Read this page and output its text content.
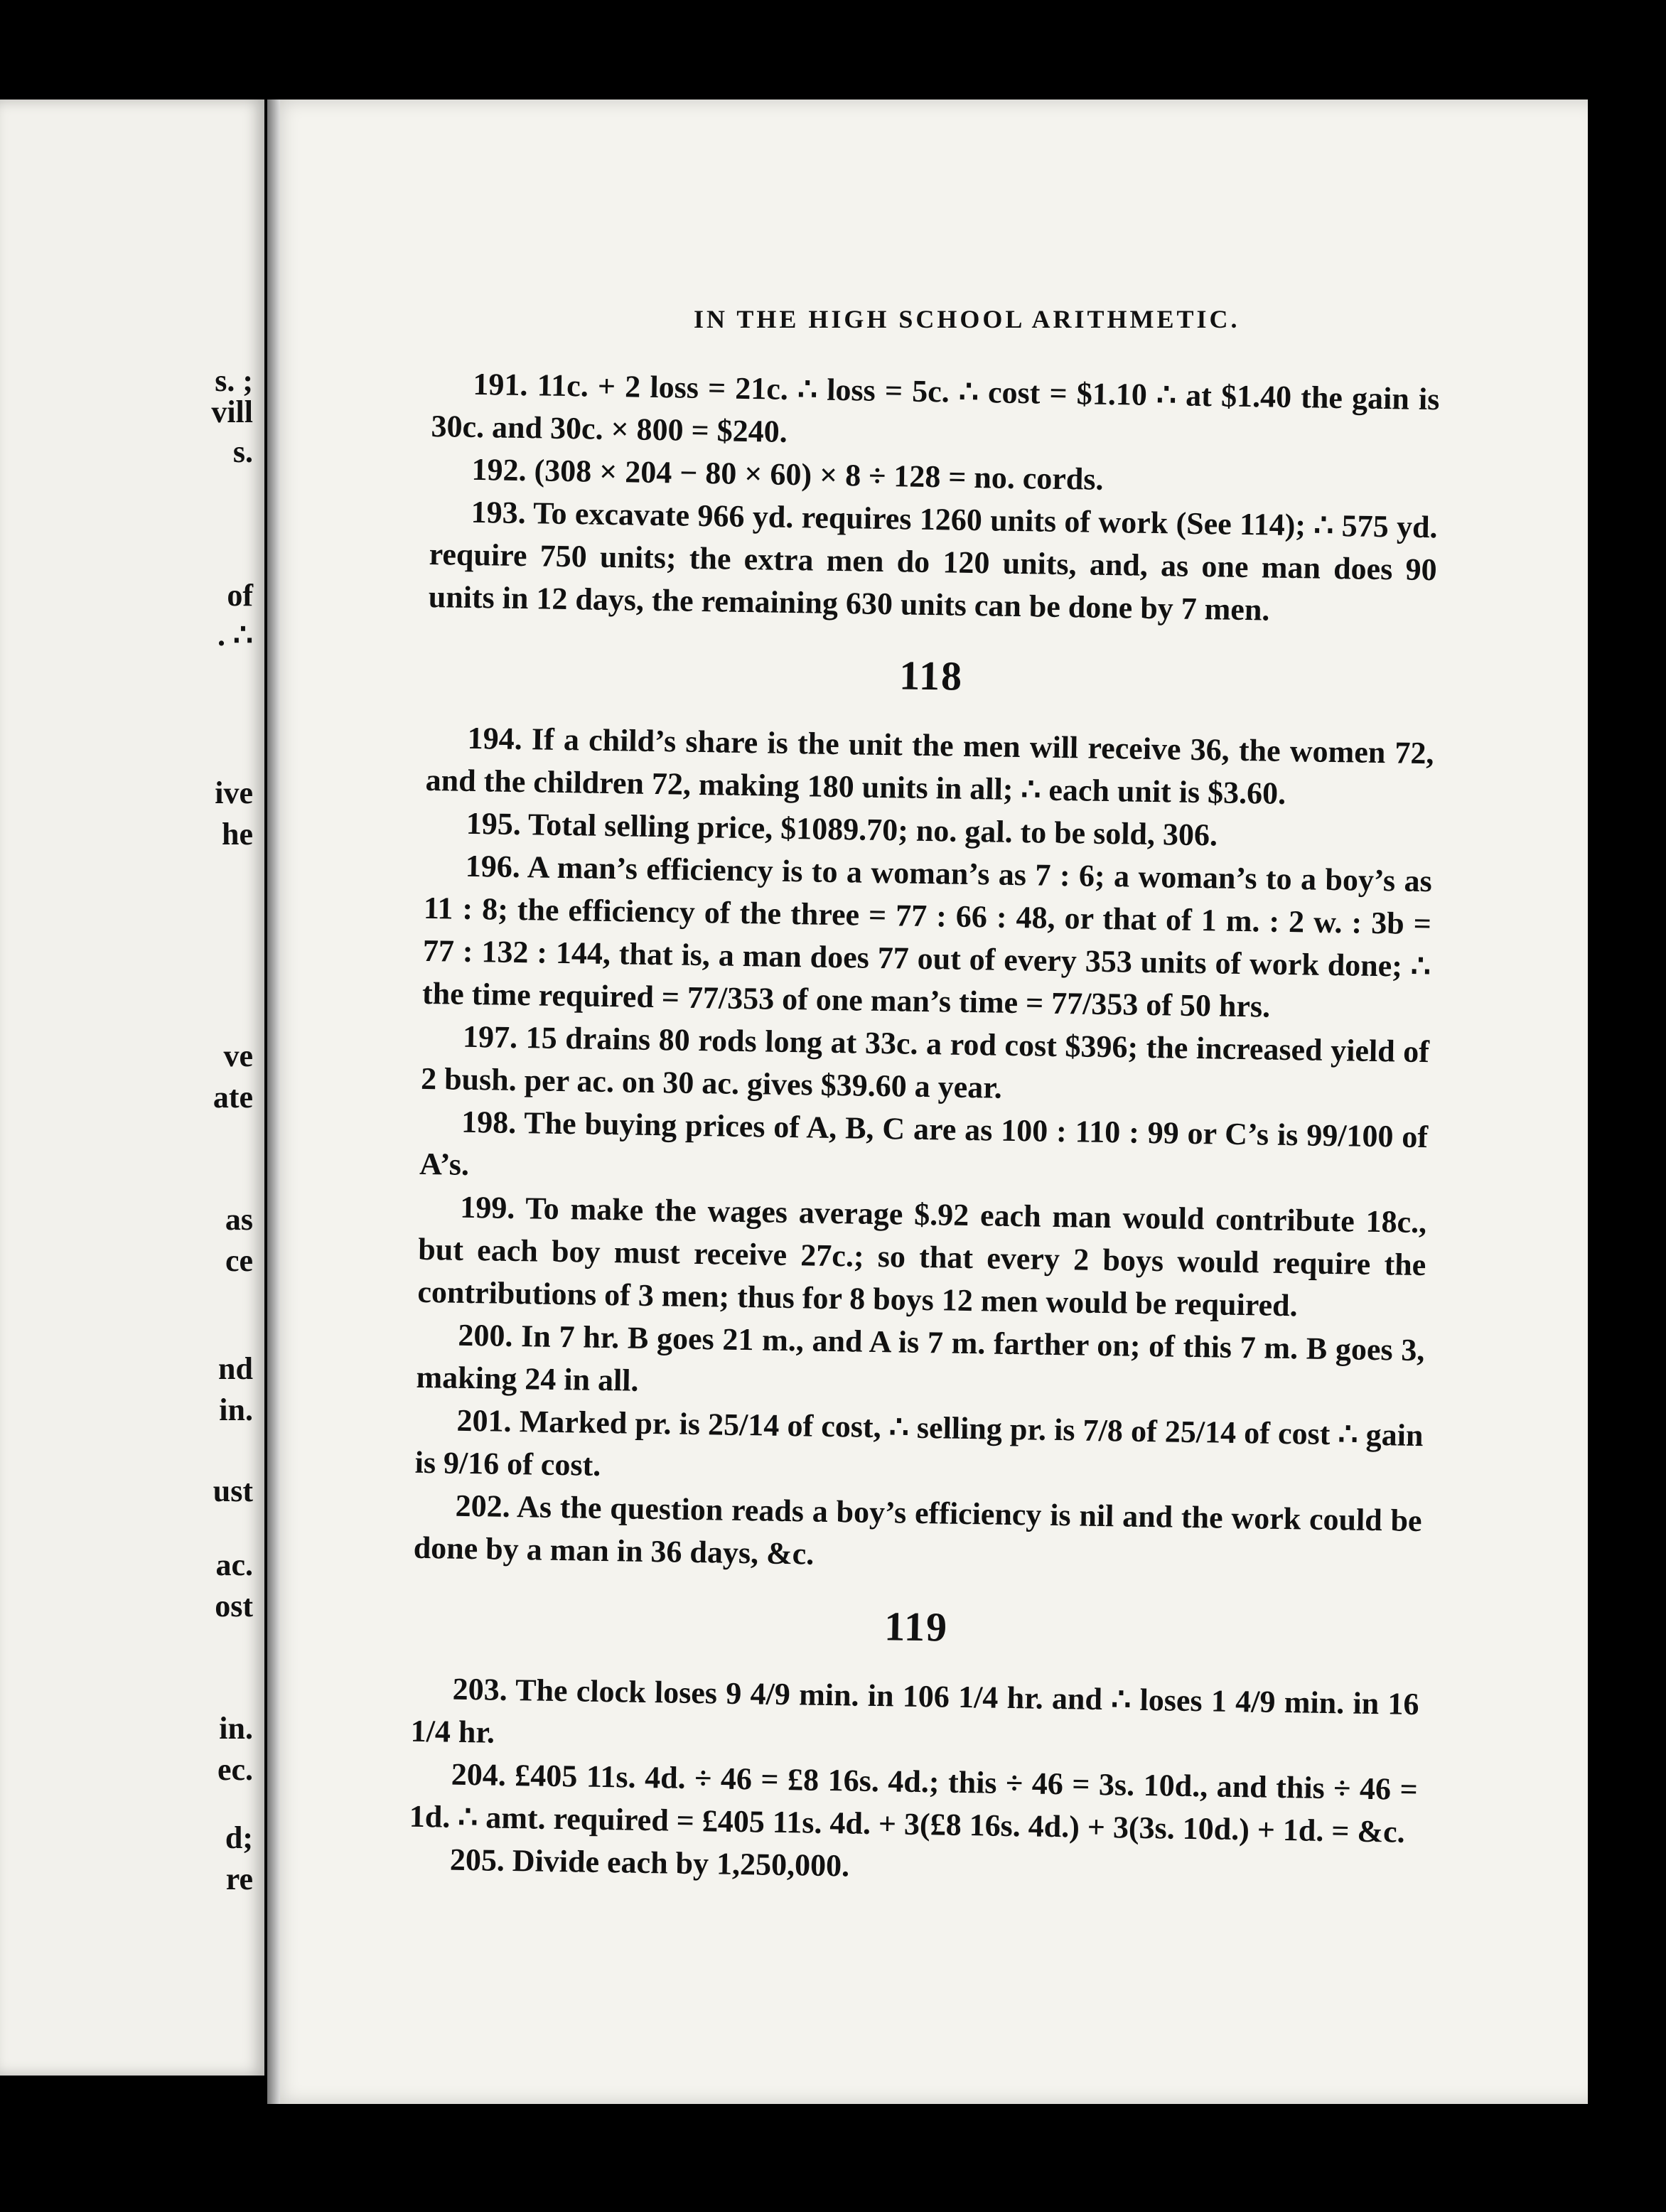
s. ;
vill
s.
of
. ∴
ive
he
ve
ate
as
ce
nd
in.
ust
ac.
ost
in.
ec.
d;
re
IN THE HIGH SCHOOL ARITHMETIC.

191. 11c. + 2 loss = 21c. ∴ loss = 5c. ∴ cost = $1.10 ∴ at $1.40 the gain is 30c. and 30c. × 800 = $240.

192. (308 × 204 − 80 × 60) × 8 ÷ 128 = no. cords.

193. To excavate 966 yd. requires 1260 units of work (See 114); ∴ 575 yd. require 750 units; the extra men do 120 units, and, as one man does 90 units in 12 days, the remaining 630 units can be done by 7 men.

118

194. If a child’s share is the unit the men will receive 36, the women 72, and the children 72, making 180 units in all; ∴ each unit is $3.60.

195. Total selling price, $1089.70; no. gal. to be sold, 306.

196. A man’s efficiency is to a woman’s as 7 : 6; a woman’s to a boy’s as 11 : 8; the efficiency of the three = 77 : 66 : 48, or that of 1 m. : 2 w. : 3b = 77 : 132 : 144, that is, a man does 77 out of every 353 units of work done; ∴ the time required = 77/353 of one man’s time = 77/353 of 50 hrs.

197. 15 drains 80 rods long at 33c. a rod cost $396; the increased yield of 2 bush. per ac. on 30 ac. gives $39.60 a year.

198. The buying prices of A, B, C are as 100 : 110 : 99 or C’s is 99/100 of A’s.

199. To make the wages average $.92 each man would contribute 18c., but each boy must receive 27c.; so that every 2 boys would require the contributions of 3 men; thus for 8 boys 12 men would be required.

200. In 7 hr. B goes 21 m., and A is 7 m. farther on; of this 7 m. B goes 3, making 24 in all.

201. Marked pr. is 25/14 of cost, ∴ selling pr. is 7/8 of 25/14 of cost ∴ gain is 9/16 of cost.

202. As the question reads a boy’s efficiency is nil and the work could be done by a man in 36 days, &c.

119

203. The clock loses 9 4/9 min. in 106 1/4 hr. and ∴ loses 1 4/9 min. in 16 1/4 hr.

204. £405 11s. 4d. ÷ 46 = £8 16s. 4d.; this ÷ 46 = 3s. 10d., and this ÷ 46 = 1d. ∴ amt. required = £405 11s. 4d. + 3(£8 16s. 4d.) + 3(3s. 10d.) + 1d. = &c.

205. Divide each by 1,250,000.
